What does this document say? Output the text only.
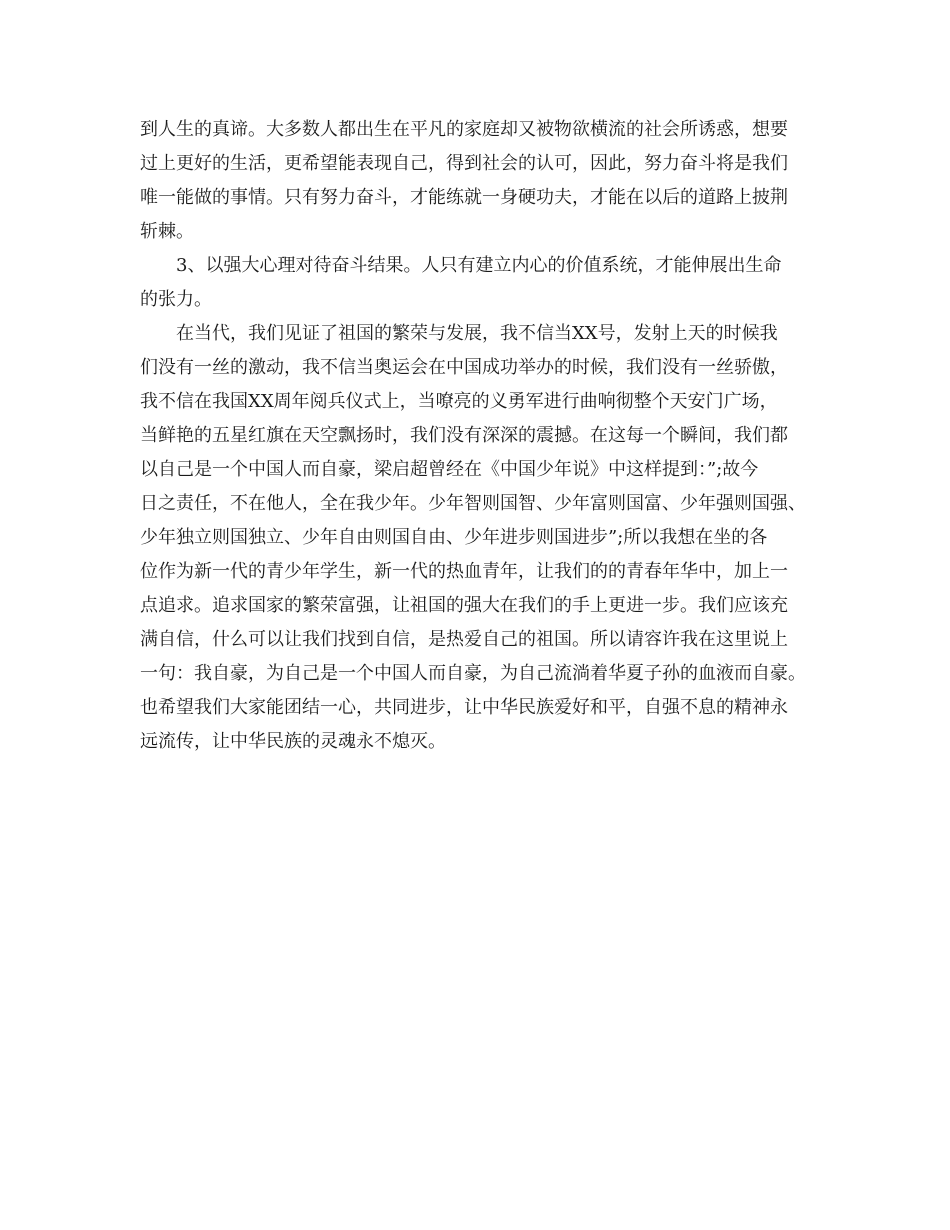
到人生的真谛。大多数人都出生在平凡的家庭却又被物欲横流的社会所诱惑，想要
过上更好的生活，更希望能表现自己，得到社会的认可，因此，努力奋斗将是我们
唯一能做的事情。只有努力奋斗，才能练就一身硬功夫，才能在以后的道路上披荆
斩棘。
3、以强大心理对待奋斗结果。人只有建立内心的价值系统，才能伸展出生命
的张力。
在当代，我们见证了祖国的繁荣与发展，我不信当XX号，发射上天的时候我
们没有一丝的激动，我不信当奥运会在中国成功举办的时候，我们没有一丝骄傲，
我不信在我国XX周年阅兵仪式上，当嘹亮的义勇军进行曲响彻整个天安门广场，
当鲜艳的五星红旗在天空飘扬时，我们没有深深的震撼。在这每一个瞬间，我们都
以自己是一个中国人而自豪，梁启超曾经在《中国少年说》中这样提到：”;故今
日之责任，不在他人，全在我少年。少年智则国智、少年富则国富、少年强则国强、
少年独立则国独立、少年自由则国自由、少年进步则国进步”;所以我想在坐的各
位作为新一代的青少年学生，新一代的热血青年，让我们的的青春年华中，加上一
点追求。追求国家的繁荣富强，让祖国的强大在我们的手上更进一步。我们应该充
满自信，什么可以让我们找到自信，是热爱自己的祖国。所以请容许我在这里说上
一句：我自豪，为自己是一个中国人而自豪，为自己流淌着华夏子孙的血液而自豪。
也希望我们大家能团结一心，共同进步，让中华民族爱好和平，自强不息的精神永
远流传，让中华民族的灵魂永不熄灭。
